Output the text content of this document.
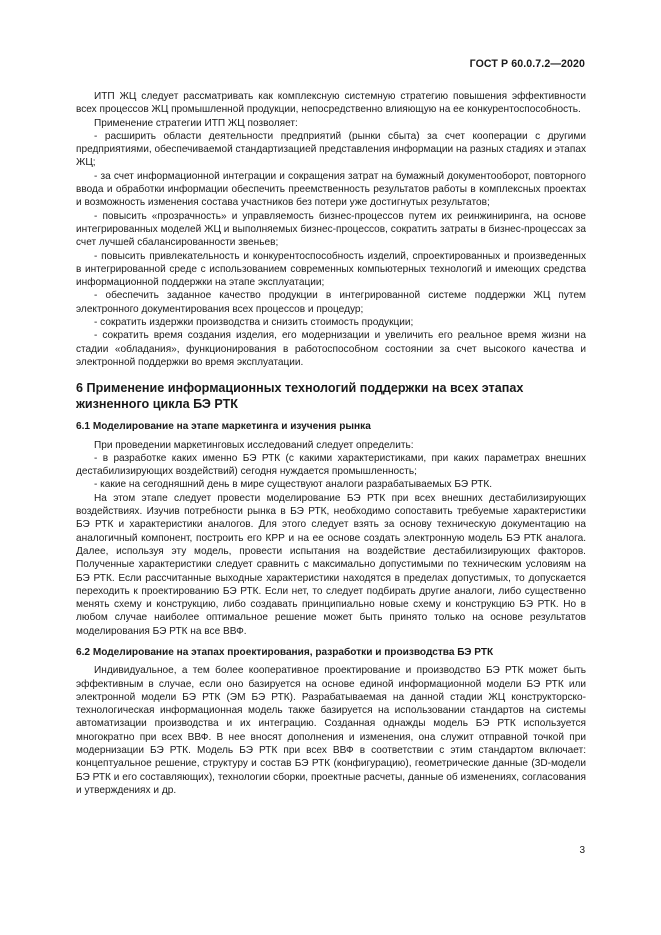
ГОСТ Р 60.0.7.2—2020

ИТП ЖЦ следует рассматривать как комплексную системную стратегию повышения эффективности всех процессов ЖЦ промышленной продукции, непосредственно влияющую на ее конкурентоспособность.

Применение стратегии ИТП ЖЦ позволяет:

- расширить области деятельности предприятий (рынки сбыта) за счет кооперации с другими предприятиями, обеспечиваемой стандартизацией представления информации на разных стадиях и этапах ЖЦ;

- за счет информационной интеграции и сокращения затрат на бумажный документооборот, повторного ввода и обработки информации обеспечить преемственность результатов работы в комплексных проектах и возможность изменения состава участников без потери уже достигнутых результатов;

- повысить «прозрачность» и управляемость бизнес-процессов путем их реинжиниринга, на основе интегрированных моделей ЖЦ и выполняемых бизнес-процессов, сократить затраты в бизнес-процессах за счет лучшей сбалансированности звеньев;

- повысить привлекательность и конкурентоспособность изделий, спроектированных и произведенных в интегрированной среде с использованием современных компьютерных технологий и имеющих средства информационной поддержки на этапе эксплуатации;

- обеспечить заданное качество продукции в интегрированной системе поддержки ЖЦ путем электронного документирования всех процессов и процедур;

- сократить издержки производства и снизить стоимость продукции;

- сократить время создания изделия, его модернизации и увеличить его реальное время жизни на стадии «обладания», функционирования в работоспособном состоянии за счет высокого качества и электронной поддержки во время эксплуатации.

6 Применение информационных технологий поддержки на всех этапах жизненного цикла БЭ РТК
6.1 Моделирование на этапе маркетинга и изучения рынка

При проведении маркетинговых исследований следует определить:

- в разработке каких именно БЭ РТК (с какими характеристиками, при каких параметрах внешних дестабилизирующих воздействий) сегодня нуждается промышленность;

- какие на сегодняшний день в мире существуют аналоги разрабатываемых БЭ РТК.

На этом этапе следует провести моделирование БЭ РТК при всех внешних дестабилизирующих воздействиях. Изучив потребности рынка в БЭ РТК, необходимо сопоставить требуемые характеристики БЭ РТК и характеристики аналогов. Для этого следует взять за основу техническую документацию на аналогичный компонент, построить его КРР и на ее основе создать электронную модель БЭ РТК аналога. Далее, используя эту модель, провести испытания на воздействие дестабилизирующих факторов. Полученные характеристики следует сравнить с максимально допустимыми по техническим условиям на БЭ РТК. Если рассчитанные выходные характеристики находятся в пределах допустимых, то допускается переходить к проектированию БЭ РТК. Если нет, то следует подбирать другие аналоги, либо существенно менять схему и конструкцию, либо создавать принципиально новые схему и конструкцию БЭ РТК. Но в любом случае наиболее оптимальное решение может быть принято только на основе результатов моделирования БЭ РТК на все ВВФ.

6.2 Моделирование на этапах проектирования, разработки и производства БЭ РТК

Индивидуальное, а тем более кооперативное проектирование и производство БЭ РТК может быть эффективным в случае, если оно базируется на основе единой информационной модели БЭ РТК или электронной модели БЭ РТК (ЭМ БЭ РТК). Разрабатываемая на данной стадии ЖЦ конструкторско-технологическая информационная модель также базируется на использовании стандартов на системы автоматизации производства и их интеграцию. Созданная однажды модель БЭ РТК используется многократно при всех ВВФ. В нее вносят дополнения и изменения, она служит отправной точкой при модернизации БЭ РТК. Модель БЭ РТК при всех ВВФ в соответствии с этим стандартом включает: концептуальное решение, структуру и состав БЭ РТК (конфигурацию), геометрические данные (3D-модели БЭ РТК и его составляющих), технологии сборки, проектные расчеты, данные об изменениях, согласования и утверждениях и др.

3
